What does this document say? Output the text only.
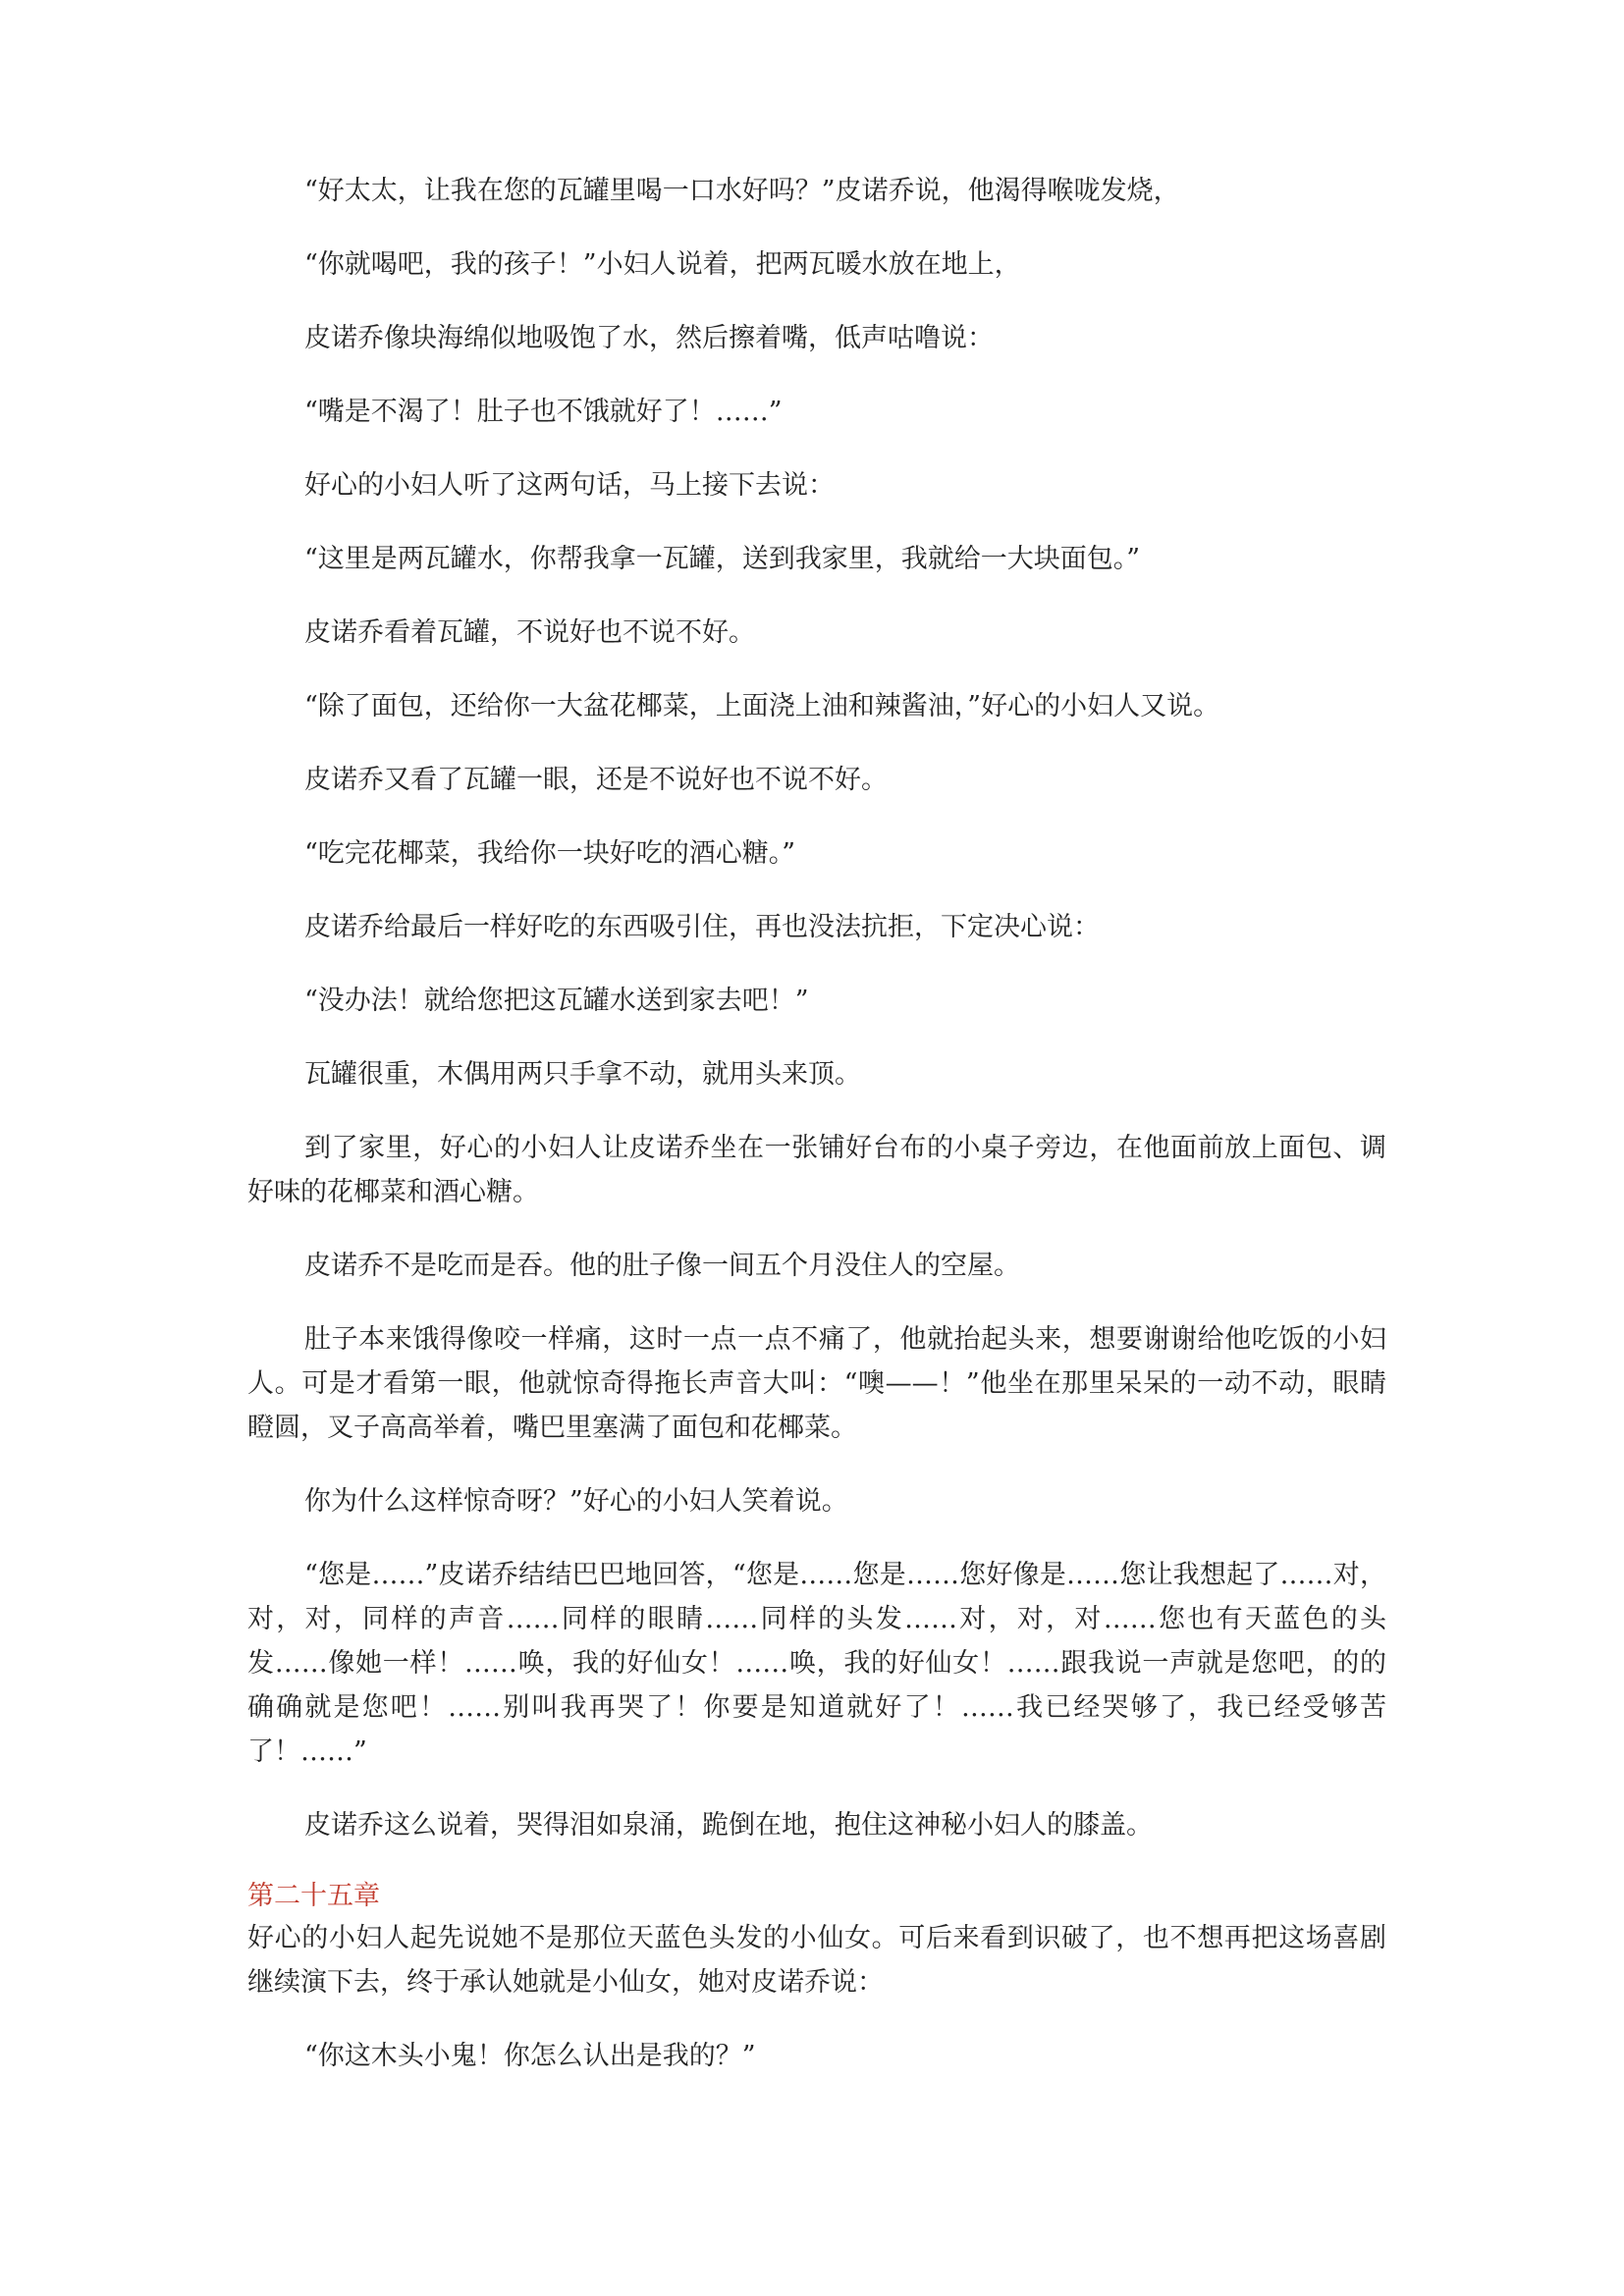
“好太太，让我在您的瓦罐里喝一口水好吗？”皮诺乔说，他渴得喉咙发烧，

“你就喝吧，我的孩子！”小妇人说着，把两瓦暖水放在地上，

皮诺乔像块海绵似地吸饱了水，然后擦着嘴，低声咕噜说：

“嘴是不渴了！肚子也不饿就好了！……”

好心的小妇人听了这两句话，马上接下去说：

“这里是两瓦罐水，你帮我拿一瓦罐，送到我家里，我就给一大块面包。”

皮诺乔看着瓦罐，不说好也不说不好。

“除了面包，还给你一大盆花椰菜，上面浇上油和辣酱油，”好心的小妇人又说。

皮诺乔又看了瓦罐一眼，还是不说好也不说不好。

“吃完花椰菜，我给你一块好吃的酒心糖。”

皮诺乔给最后一样好吃的东西吸引住，再也没法抗拒，下定决心说：

“没办法！就给您把这瓦罐水送到家去吧！”

瓦罐很重，木偶用两只手拿不动，就用头来顶。

到了家里，好心的小妇人让皮诺乔坐在一张铺好台布的小桌子旁边，在他面前放上面包、调好味的花椰菜和酒心糖。

皮诺乔不是吃而是吞。他的肚子像一间五个月没住人的空屋。

肚子本来饿得像咬一样痛，这时一点一点不痛了，他就抬起头来，想要谢谢给他吃饭的小妇人。可是才看第一眼，他就惊奇得拖长声音大叫：“噢——！”他坐在那里呆呆的一动不动，眼睛瞪圆，叉子高高举着，嘴巴里塞满了面包和花椰菜。

你为什么这样惊奇呀？”好心的小妇人笑着说。

“您是……”皮诺乔结结巴巴地回答，“您是……您是……您好像是……您让我想起了……对，对，对，同样的声音……同样的眼睛……同样的头发……对，对，对……您也有天蓝色的头发……像她一样！……唤，我的好仙女！……唤，我的好仙女！……跟我说一声就是您吧，的的确确就是您吧！……别叫我再哭了！你要是知道就好了！……我已经哭够了，我已经受够苦了！……”

皮诺乔这么说着，哭得泪如泉涌，跪倒在地，抱住这神秘小妇人的膝盖。

第二十五章

好心的小妇人起先说她不是那位天蓝色头发的小仙女。可后来看到识破了，也不想再把这场喜剧继续演下去，终于承认她就是小仙女，她对皮诺乔说：

“你这木头小鬼！你怎么认出是我的？”
